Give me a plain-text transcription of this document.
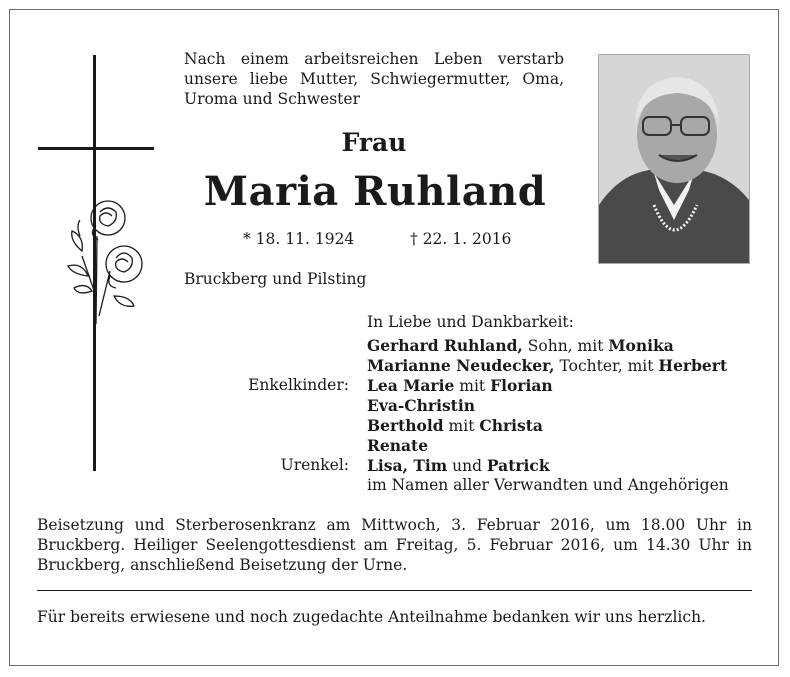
Nach einem arbeitsreichen Leben verstarb unsere liebe Mutter, Schwiegermutter, Oma, Uroma und Schwester
Frau
Maria Ruhland
* 18. 11. 1924	† 22. 1. 2016
Bruckberg und Pilsting
In Liebe und Dankbarkeit:
Gerhard Ruhland, Sohn, mit Monika
Marianne Neudecker, Tochter, mit Herbert
Enkelkinder: Lea Marie mit Florian
Eva-Christin
Berthold mit Christa
Renate
Urenkel: Lisa, Tim und Patrick
im Namen aller Verwandten und Angehörigen
Beisetzung und Sterberosenkranz am Mittwoch, 3. Februar 2016, um 18.00 Uhr in Bruckberg. Heiliger Seelengottesdienst am Freitag, 5. Februar 2016, um 14.30 Uhr in Bruckberg, anschließend Beisetzung der Urne.
Für bereits erwiesene und noch zugedachte Anteilnahme bedanken wir uns herzlich.
